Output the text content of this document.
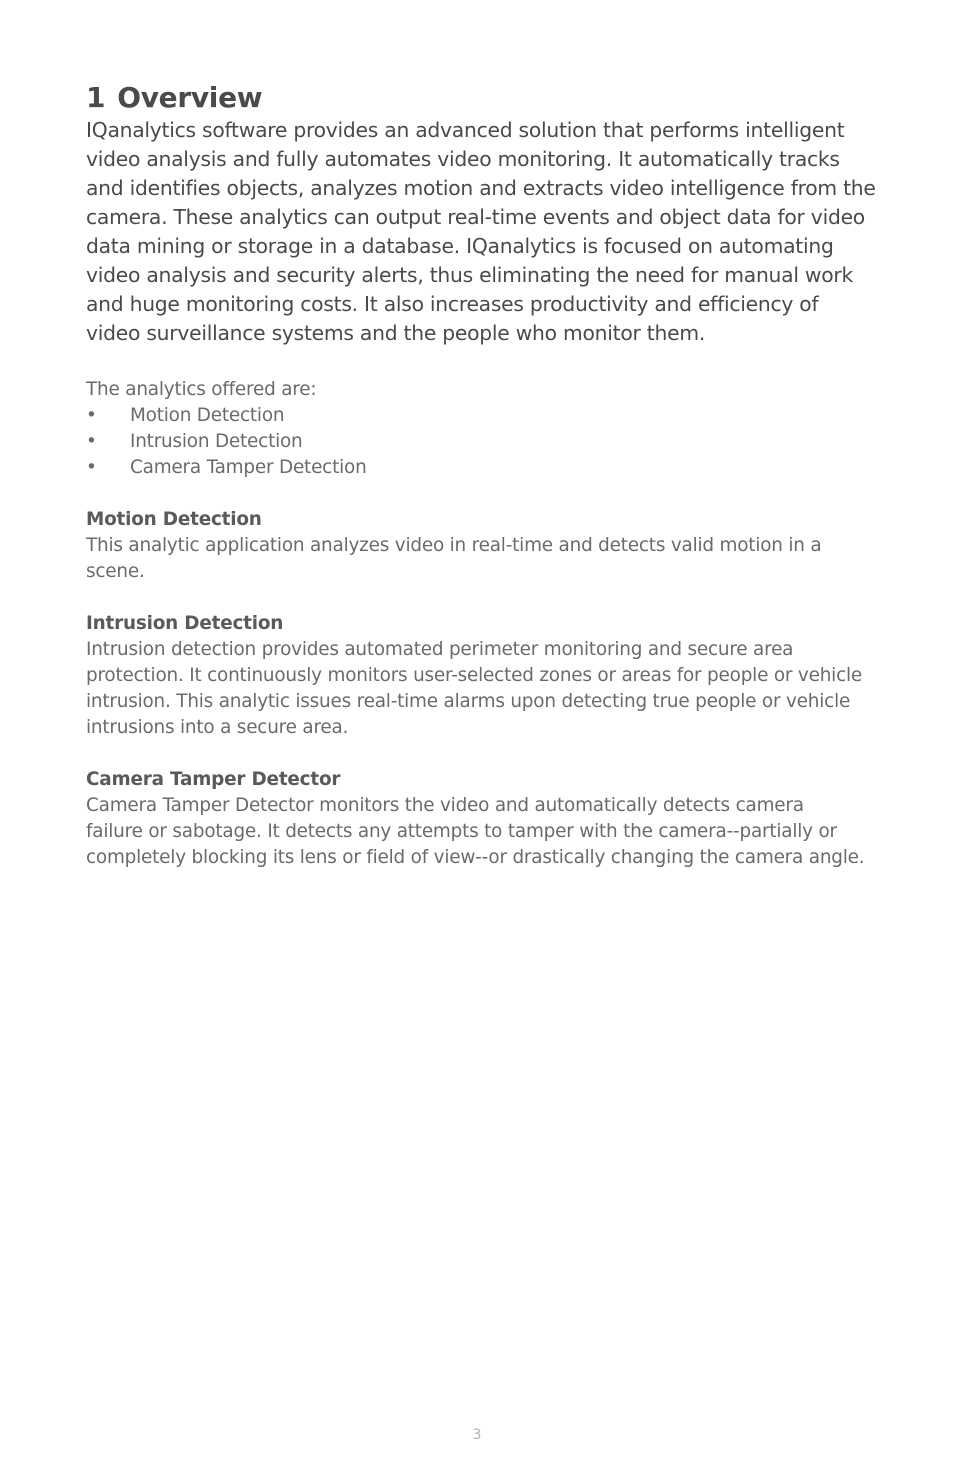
1 Overview

IQanalytics software provides an advanced solution that performs intelligent video analysis and fully automates video monitoring. It automatically tracks and identifies objects, analyzes motion and extracts video intelligence from the camera. These analytics can output real-time events and object data for video data mining or storage in a database. IQanalytics is focused on automating video analysis and security alerts, thus eliminating the need for manual work and huge monitoring costs. It also increases productivity and efficiency of video surveillance systems and the people who monitor them.

The analytics offered are:

• Motion Detection
• Intrusion Detection
• Camera Tamper Detection
Motion Detection

This analytic application analyzes video in real-time and detects valid motion in a scene.

Intrusion Detection

Intrusion detection provides automated perimeter monitoring and secure area protection. It continuously monitors user-selected zones or areas for people or vehicle intrusion. This analytic issues real-time alarms upon detecting true people or vehicle intrusions into a secure area.

Camera Tamper Detector

Camera Tamper Detector monitors the video and automatically detects camera failure or sabotage. It detects any attempts to tamper with the camera--partially or completely blocking its lens or field of view--or drastically changing the camera angle.

3
